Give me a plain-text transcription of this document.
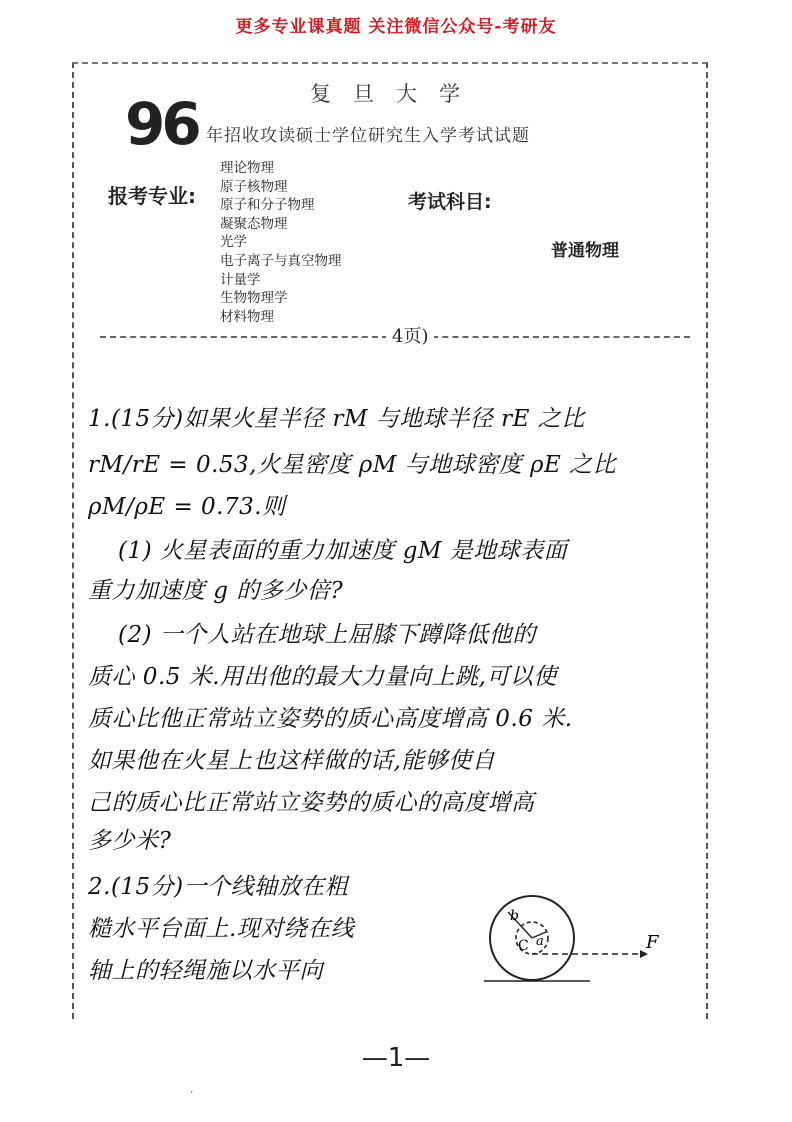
更多专业课真题 关注微信公众号-考研友
复旦大学
96 年招收攻读硕士学位研究生入学考试试题
报考专业:
理论物理
原子核物理
原子和分子物理
凝聚态物理
光学
电子离子与真空物理
计量学
生物物理学
材料物理
考试科目:
普通物理
4页)
1.(15分)如果火星半径 rM 与地球半径 rE 之比
rM/rE = 0.53,火星密度 ρM 与地球密度 ρE 之比
ρM/ρE = 0.73.则
(1) 火星表面的重力加速度 gM 是地球表面
重力加速度 g 的多少倍?
(2) 一个人站在地球上屈膝下蹲降低他的
质心 0.5 米.用出他的最大力量向上跳,可以使
质心比他正常站立姿势的质心高度增高 0.6 米.
如果他在火星上也这样做的话,能够使自
己的质心比正常站立姿势的质心的高度增高
多少米?
2.(15分)一个线轴放在粗
糙水平台面上.现对绕在线
轴上的轻绳施以水平向
b
C a	F
—1—
‘
